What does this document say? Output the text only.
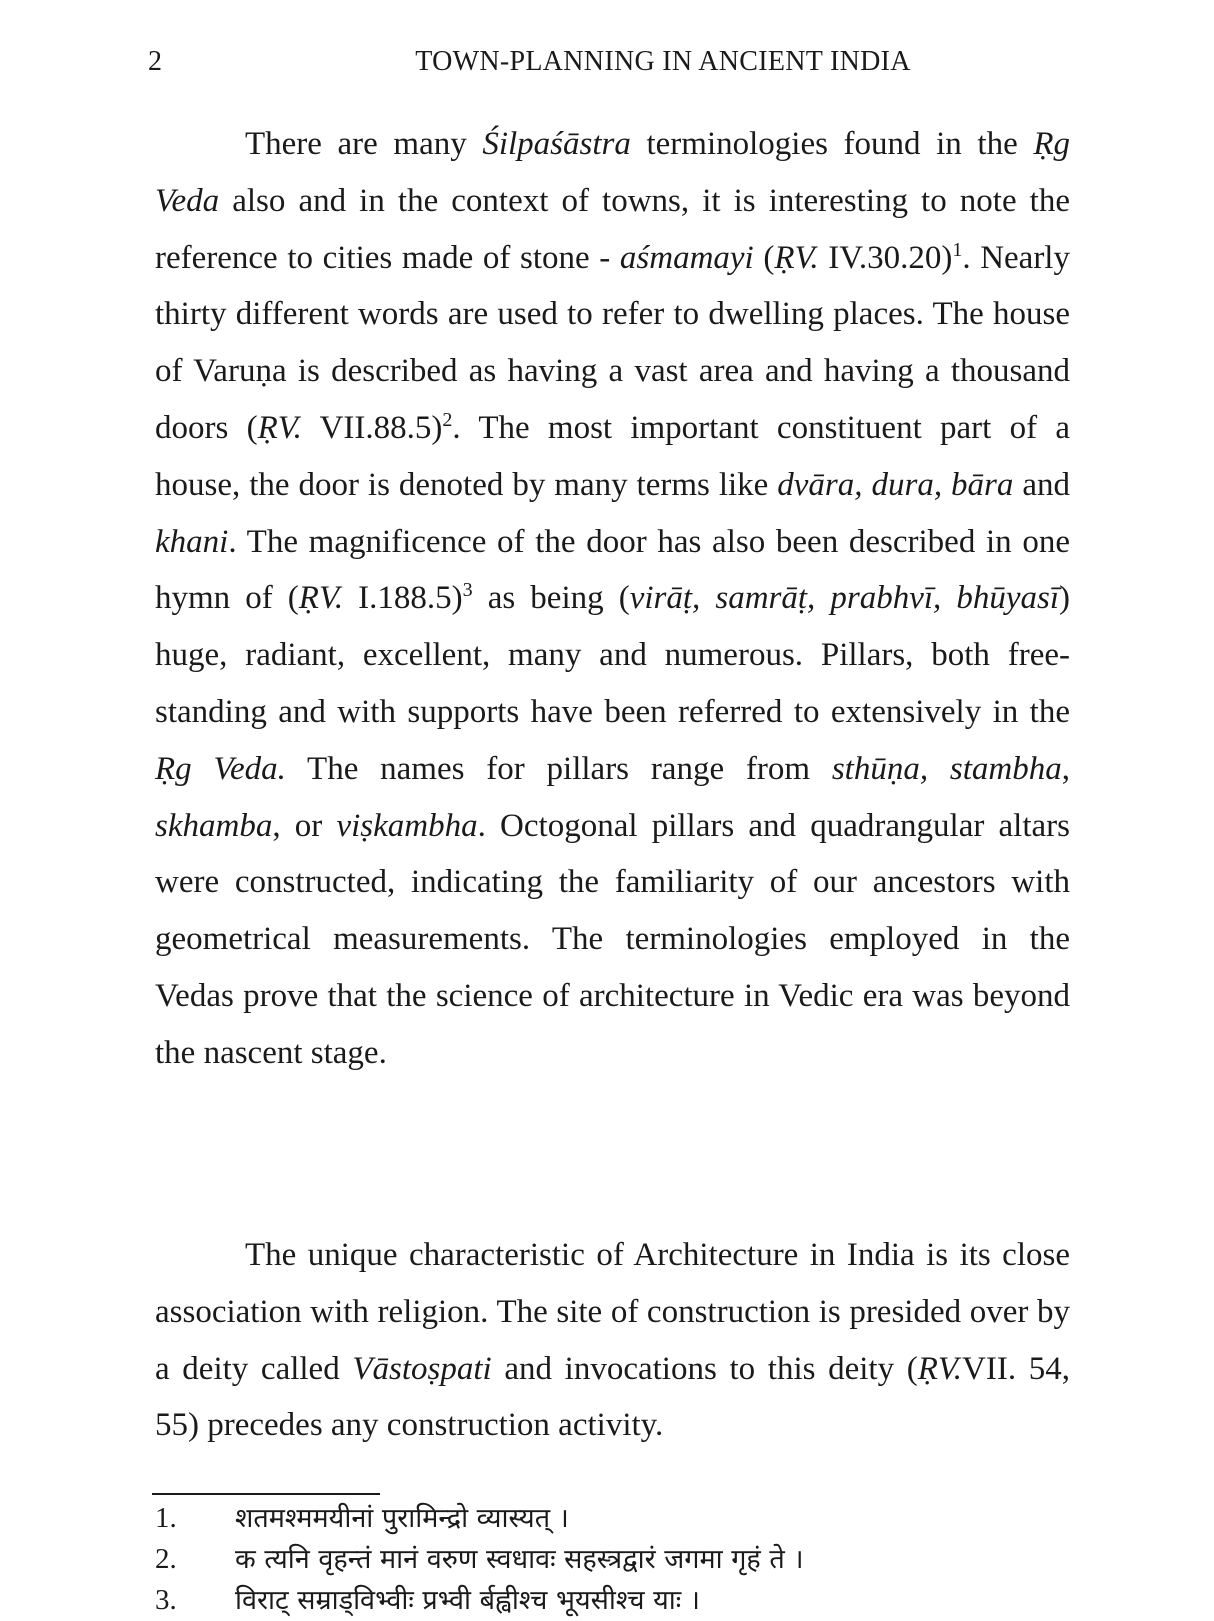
2	TOWN-PLANNING IN ANCIENT INDIA

There are many Śilpaśāstra terminologies found in the Ṛg Veda also and in the context of towns, it is interesting to note the reference to cities made of stone - aśmamayi (ṚV. IV.30.20)$^1$. Nearly thirty different words are used to refer to dwelling places. The house of Varuṇa is described as having a vast area and having a thousand doors (ṚV. VII.88.5)$^2$. The most important constituent part of a house, the door is denoted by many terms like dvāra, dura, bāra and khani. The magnificence of the door has also been described in one hymn of (ṚV. I.188.5)$^3$ as being (virāṭ, samrāṭ, prabhvī, bhūyasī) huge, radiant, excellent, many and numerous. Pillars, both free-standing and with supports have been referred to extensively in the Ṛg Veda. The names for pillars range from sthūṇa, stambha, skhamba, or viṣkambha. Octogonal pillars and quadrangular altars were constructed, indicating the familiarity of our ancestors with geometrical measurements. The terminologies employed in the Vedas prove that the science of architecture in Vedic era was beyond the nascent stage.

The unique characteristic of Architecture in India is its close association with religion. The site of construction is presided over by a deity called Vāstoṣpati and invocations to this deity (ṚV.VII. 54, 55) precedes any construction activity.

1.	शतमश्ममयीनां पुरामिन्द्रो व्यास्यत् ।
2.	क त्यनि वृहन्तं मानं वरुण स्वधावः सहस्त्रद्वारं जगमा गृहं ते ।
3.	विराट् सम्राड्विभ्वीः प्रभ्वी र्बह्वीश्च भूयसीश्च याः ।
